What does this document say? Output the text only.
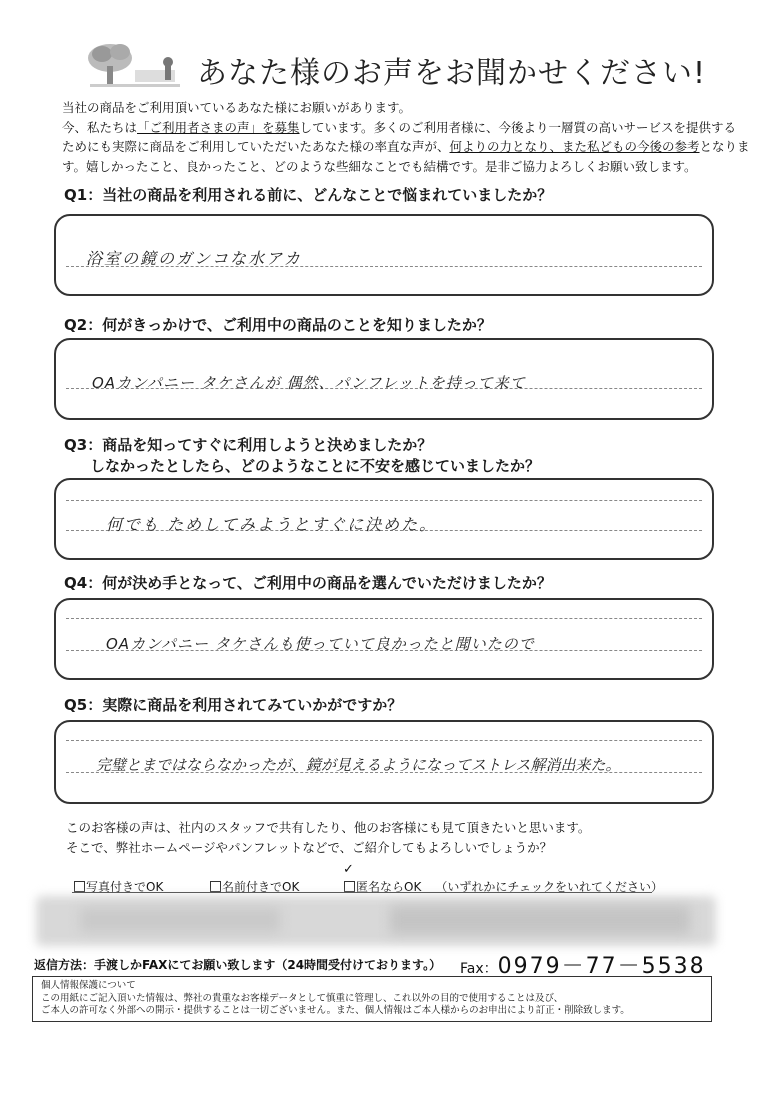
あなた様のお声をお聞かせください!
当社の商品をご利用頂いているあなた様にお願いがあります。
今、私たちは「ご利用者さまの声」を募集しています。多くのご利用者様に、今後より一層質の高いサービスを提供する
ためにも実際に商品をご利用していただいたあなた様の率直な声が、何よりの力となり、また私どもの今後の参考となりま
す。嬉しかったこと、良かったこと、どのような些細なことでも結構です。是非ご協力よろしくお願い致します。
Q1：当社の商品を利用される前に、どんなことで悩まれていましたか？
浴室の鏡のガンコな水アカ
Q2：何がきっかけで、ご利用中の商品のことを知りましたか？
OAカンパニー タケさんが 偶然、パンフレットを持って来て
Q3：商品を知ってすぐに利用しようと決めましたか？
しなかったとしたら、どのようなことに不安を感じていましたか？
何でも ためしてみようとすぐに決めた。
Q4：何が決め手となって、ご利用中の商品を選んでいただけましたか？
OAカンパニー タケさんも使っていて良かったと聞いたので
Q5：実際に商品を利用されてみていかがですか？
完璧とまではならなかったが、鏡が見えるようになってストレス解消出来た。
このお客様の声は、社内のスタッフで共有したり、他のお客様にも見て頂きたいと思います。
そこで、弊社ホームページやパンフレットなどで、ご紹介してもよろしいでしょうか？
✓
写真付きでOK	名前付きでOK	匿名ならOK （いずれかにチェックをいれてください）
返信方法：手渡しかFAXにてお願い致します（24時間受付けております。） Fax：0979－77－5538
個人情報保護について
この用紙にご記入頂いた情報は、弊社の貴重なお客様データとして慎重に管理し、これ以外の目的で使用することは及び、
ご本人の許可なく外部への開示・提供することは一切ございません。また、個人情報はご本人様からのお申出により訂正・削除致します。
